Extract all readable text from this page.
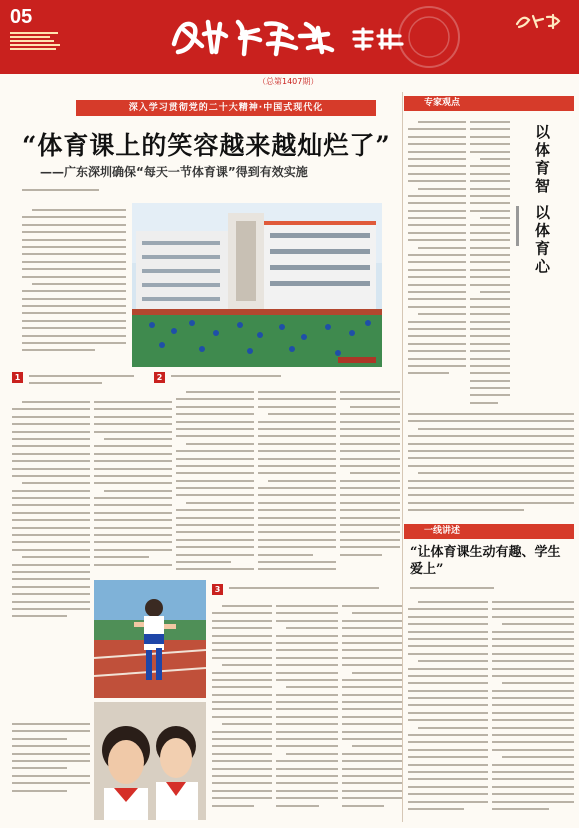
05
（总第1407期）
深入学习贯彻党的二十大精神·中国式现代化
“体育课上的笑容越来越灿烂了”
——广东深圳确保“每天一节体育课”得到有效实施
1	2
3
专家观点
以体育智 以体育心
一线讲述
“让体育课生动有趣、学生爱上”
